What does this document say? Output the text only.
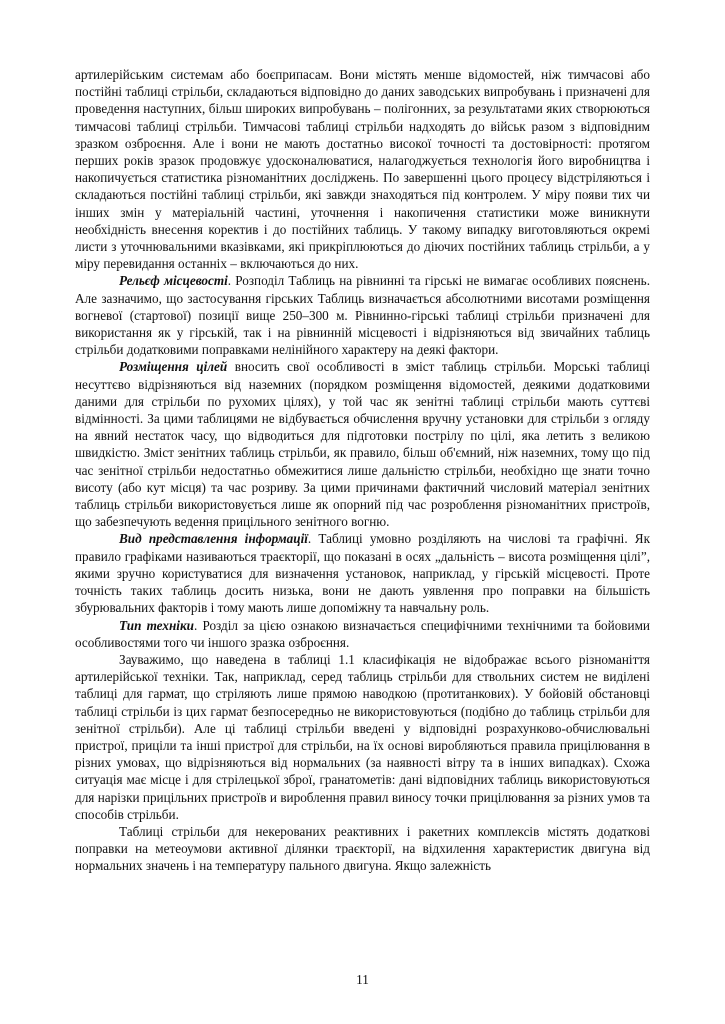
артилерійським системам або боєприпасам. Вони містять менше відомостей, ніж тимчасові або постійні таблиці стрільби, складаються відповідно до даних заводських випробувань і призначені для проведення наступних, більш широких випробувань – полігонних, за результатами яких створюються тимчасові таблиці стрільби. Тимчасові таблиці стрільби надходять до військ разом з відповідним зразком озброєння. Але і вони не мають достатньо високої точності та достовірності: протягом перших років зразок продовжує удосконалюватися, налагоджується технологія його виробництва і накопичується статистика різноманітних досліджень. По завершенні цього процесу відстріляються і складаються постійні таблиці стрільби, які завжди знаходяться під контролем. У міру появи тих чи інших змін у матеріальній частині, уточнення і накопичення статистики може виникнути необхідність внесення коректив і до постійних таблиць. У такому випадку виготовляються окремі листи з уточнювальними вказівками, які прикріплюються до діючих постійних таблиць стрільби, а у міру перевидання останніх – включаються до них.

Рельєф місцевості. Розподіл Таблиць на рівнинні та гірські не вимагає особливих пояснень. Але зазначимо, що застосування гірських Таблиць визначається абсолютними висотами розміщення вогневої (стартової) позиції вище 250–300 м. Рівнинно-гірські таблиці стрільби призначені для використання як у гірській, так і на рівнинній місцевості і відрізняються від звичайних таблиць стрільби додатковими поправками нелінійного характеру на деякі фактори.

Розміщення цілей вносить свої особливості в зміст таблиць стрільби. Морські таблиці несуттєво відрізняються від наземних (порядком розміщення відомостей, деякими додатковими даними для стрільби по рухомих цілях), у той час як зенітні таблиці стрільби мають суттєві відмінності. За цими таблицями не відбувається обчислення вручну установки для стрільби з огляду на явний нестаток часу, що відводиться для підготовки пострілу по цілі, яка летить з великою швидкістю. Зміст зенітних таблиць стрільби, як правило, більш об'ємний, ніж наземних, тому що під час зенітної стрільби недостатньо обмежитися лише дальністю стрільби, необхідно ще знати точно висоту (або кут місця) та час розриву. За цими причинами фактичний числовий матеріал зенітних таблиць стрільби використовується лише як опорний під час розроблення різноманітних пристроїв, що забезпечують ведення прицільного зенітного вогню.

Вид представлення інформації. Таблиці умовно розділяють на числові та графічні. Як правило графіками називаються траєкторії, що показані в осях „дальність – висота розміщення цілі”, якими зручно користуватися для визначення установок, наприклад, у гірській місцевості. Проте точність таких таблиць досить низька, вони не дають уявлення про поправки на більшість збурювальних факторів і тому мають лише допоміжну та навчальну роль.

Тип техніки. Розділ за цією ознакою визначається специфічними технічними та бойовими особливостями того чи іншого зразка озброєння.

Зауважимо, що наведена в таблиці 1.1 класифікація не відображає всього різноманіття артилерійської техніки. Так, наприклад, серед таблиць стрільби для ствольних систем не виділені таблиці для гармат, що стріляють лише прямою наводкою (протитанкових). У бойовій обстановці таблиці стрільби із цих гармат безпосередньо не використовуються (подібно до таблиць стрільби для зенітної стрільби). Але ці таблиці стрільби введені у відповідні розрахунково-обчислювальні пристрої, приціли та інші пристрої для стрільби, на їх основі виробляються правила прицілювання в різних умовах, що відрізняються від нормальних (за наявності вітру та в інших випадках). Схожа ситуація має місце і для стрілецької зброї, гранатометів: дані відповідних таблиць використовуються для нарізки прицільних пристроїв и вироблення правил виносу точки прицілювання за різних умов та способів стрільби.

Таблиці стрільби для некерованих реактивних і ракетних комплексів містять додаткові поправки на метеоумови активної ділянки траєкторії, на відхилення характеристик двигуна від нормальних значень і на температуру пального двигуна. Якщо залежність

11
